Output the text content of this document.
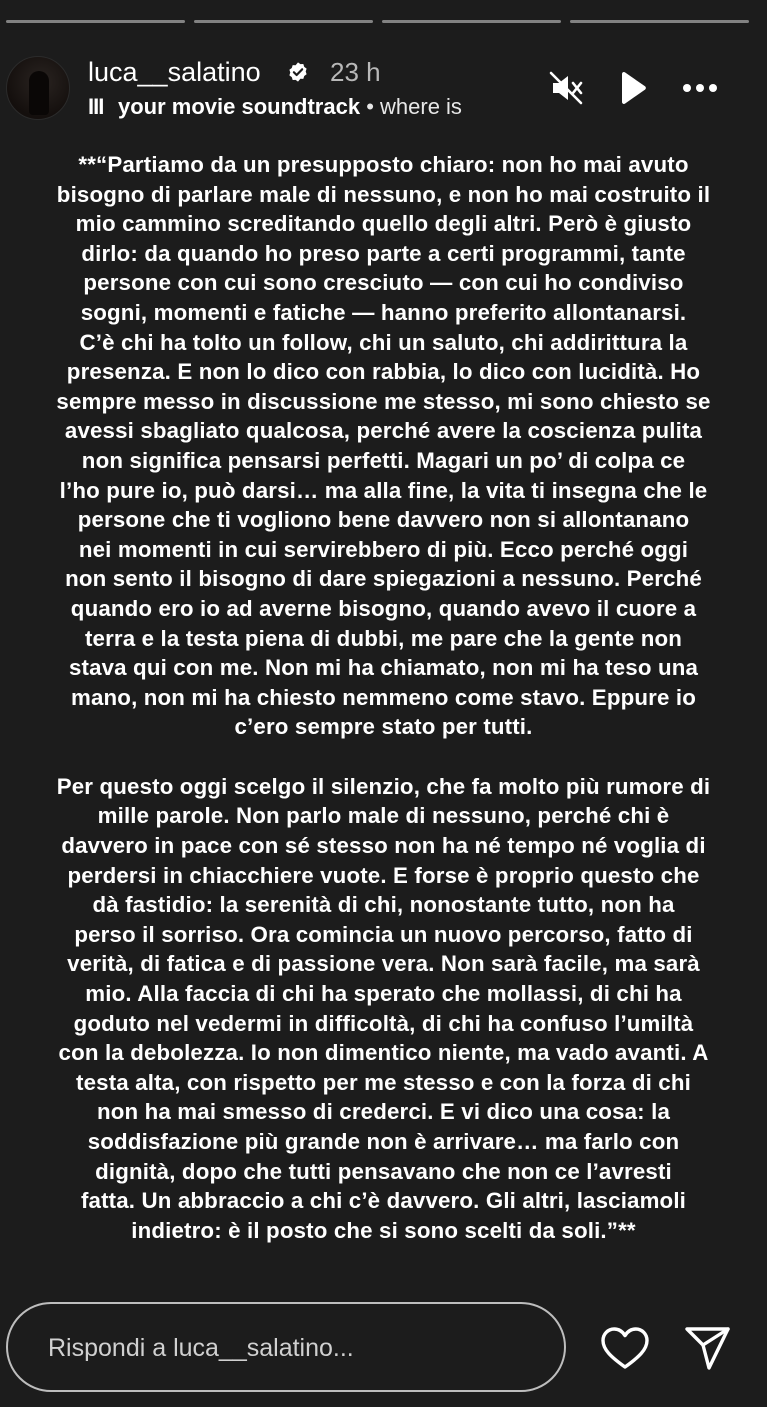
luca__salatino	23 h
III your movie soundtrack • where is

**“Partiamo da un presupposto chiaro: non ho mai avuto
bisogno di parlare male di nessuno, e non ho mai costruito il
mio cammino screditando quello degli altri. Però è giusto
dirlo: da quando ho preso parte a certi programmi, tante
persone con cui sono cresciuto — con cui ho condiviso
sogni, momenti e fatiche — hanno preferito allontanarsi.
C’è chi ha tolto un follow, chi un saluto, chi addirittura la
presenza. E non lo dico con rabbia, lo dico con lucidità. Ho
sempre messo in discussione me stesso, mi sono chiesto se
avessi sbagliato qualcosa, perché avere la coscienza pulita
non significa pensarsi perfetti. Magari un po’ di colpa ce
l’ho pure io, può darsi… ma alla fine, la vita ti insegna che le
persone che ti vogliono bene davvero non si allontanano
nei momenti in cui servirebbero di più. Ecco perché oggi
non sento il bisogno di dare spiegazioni a nessuno. Perché
quando ero io ad averne bisogno, quando avevo il cuore a
terra e la testa piena di dubbi, me pare che la gente non
stava qui con me. Non mi ha chiamato, non mi ha teso una
mano, non mi ha chiesto nemmeno come stavo. Eppure io
c’ero sempre stato per tutti.

Per questo oggi scelgo il silenzio, che fa molto più rumore di
mille parole. Non parlo male di nessuno, perché chi è
davvero in pace con sé stesso non ha né tempo né voglia di
perdersi in chiacchiere vuote. E forse è proprio questo che
dà fastidio: la serenità di chi, nonostante tutto, non ha
perso il sorriso. Ora comincia un nuovo percorso, fatto di
verità, di fatica e di passione vera. Non sarà facile, ma sarà
mio. Alla faccia di chi ha sperato che mollassi, di chi ha
goduto nel vedermi in difficoltà, di chi ha confuso l’umiltà
con la debolezza. Io non dimentico niente, ma vado avanti. A
testa alta, con rispetto per me stesso e con la forza di chi
non ha mai smesso di crederci. E vi dico una cosa: la
soddisfazione più grande non è arrivare… ma farlo con
dignità, dopo che tutti pensavano che non ce l’avresti
fatta. Un abbraccio a chi c’è davvero. Gli altri, lasciamoli
indietro: è il posto che si sono scelti da soli.”**

Rispondi a luca__salatino...
